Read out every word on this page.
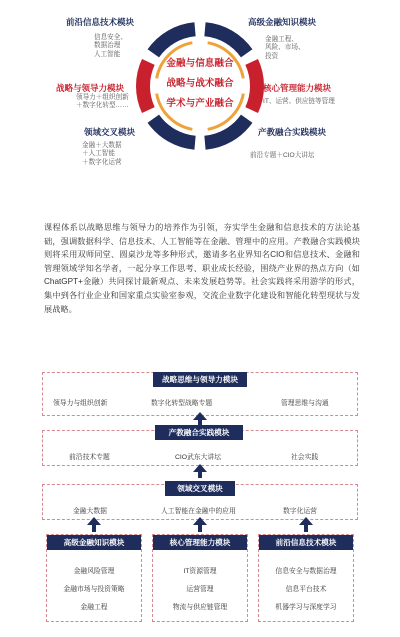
金融与信息融合
战略与战术融合
学术与产业融合
前沿信息技术模块
信息安全、
数据治理
人工智能
高级金融知识模块
金融工程、
风险、市场、
投资
战略与领导力模块
领导力＋组织创新
＋数字化转型……
核心管理能力模块
IT、运营、供应链等管理
领域交叉模块
金融＋大数据
＋人工智能
＋数字化运营
产教融合实践模块
前沿专题＋CIO大讲坛
课程体系以战略思维与领导力的培养作为引领，夯实学生金融和信息技术的方法论基础，强调数据科学、信息技术、人工智能等在金融、管理中的应用。产教融合实践模块则将采用双师同堂、圆桌沙龙等多种形式，邀请多名业界知名CIO和信息技术、金融和管理领域学知名学者，一起分享工作思考、职业成长经验，围绕产业界的热点方向（如ChatGPT+金融）共同探讨最新观点、未来发展趋势等。社会实践将采用游学的形式，集中到各行业企业和国家重点实验室参观，交流企业数字化建设和智能化转型现状与发展战略。
战略思维与领导力模块
领导力与组织创新	数字化转型战略专题	管理思维与沟通
产教融合实践模块
前沿技术专题	CIO武东大讲坛	社会实践
领域交叉模块
金融大数据	人工智能在金融中的应用	数字化运营
高级金融知识模块
金融风险管理
金融市场与投资策略
金融工程
核心管理能力模块
IT资源管理
运营管理
物流与供应链管理
前沿信息技术模块
信息安全与数据治理
信息平台技术
机器学习与深度学习
